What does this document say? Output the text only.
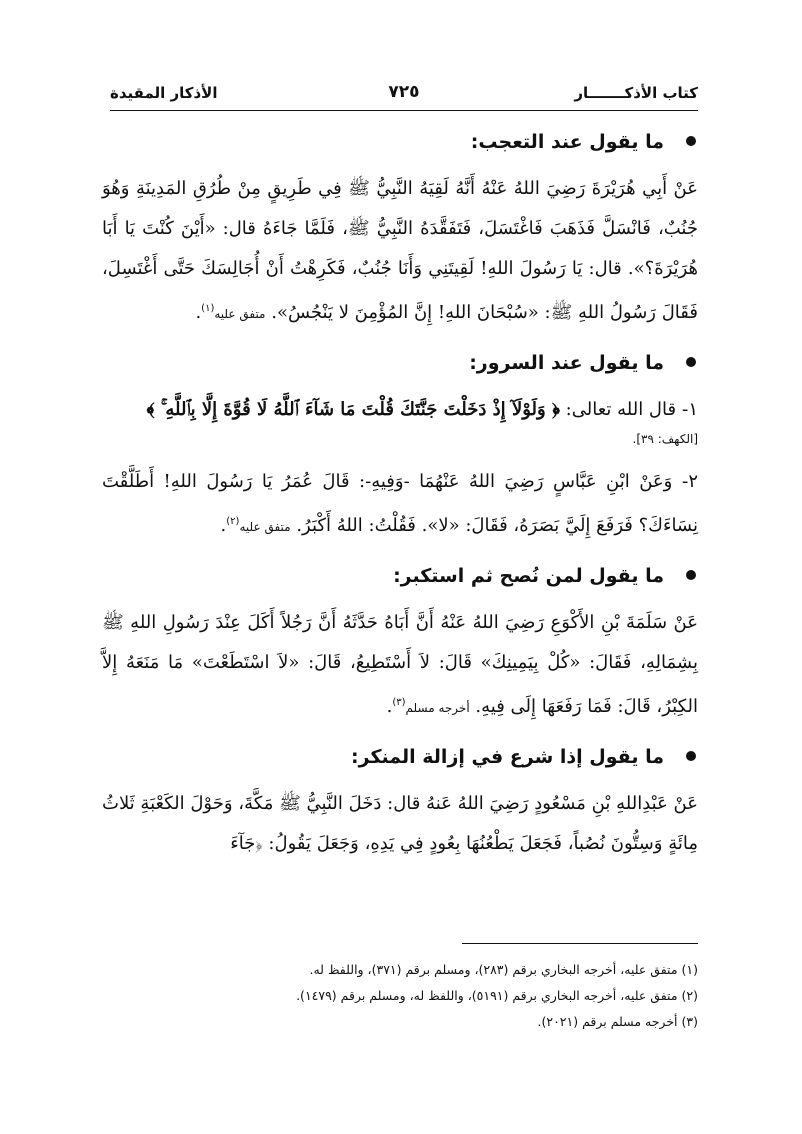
كتاب الأذكـــــــار
٧٢٥
الأذكار المقيدة
ما يقول عند التعجب:

عَنْ أَبِي هُرَيْرَةَ رَضِيَ اللهُ عَنْهُ أَنَّهُ لَقِيَهُ النَّبِيُّ ﷺ فِي طَرِيقٍ مِنْ طُرُقِ المَدِينَةِ وَهُوَ جُنُبٌ، فَانْسَلَّ فَذَهَبَ فَاغْتَسَلَ، فَتَفَقَّدَهُ النَّبِيُّ ﷺ، فَلَمَّا جَاءَهُ قال: «أَيْنَ كُنْتَ يَا أَبَا هُرَيْرَةَ؟». قال: يَا رَسُولَ اللهِ! لَقِيتَنِي وَأَنَا جُنُبٌ، فَكَرِهْتُ أَنْ أُجَالِسَكَ حَتَّى أَغْتَسِلَ، فَقَالَ رَسُولُ اللهِ ﷺ: «سُبْحَانَ اللهِ! إِنَّ المُؤْمِنَ لا يَنْجُسُ». متفق عليه$^{(١)}$.

ما يقول عند السرور:

١- قال الله تعالى: ﴿ وَلَوْلَآ إِذْ دَخَلْتَ جَنَّتَكَ قُلْتَ مَا شَآءَ ٱللَّهُ لَا قُوَّةَ إِلَّا بِٱللَّهِ ۚ ﴾

[الكهف: ٣٩].

٢- وَعَنْ ابْنِ عَبَّاسٍ رَضِيَ اللهُ عَنْهُمَا -وَفِيهِ-: قَالَ عُمَرُ يَا رَسُولَ اللهِ! أَطَلَّقْتَ نِسَاءَكَ؟ فَرَفَعَ إِلَيَّ بَصَرَهُ، فَقَالَ: «لا». فَقُلْتُ: اللهُ أَكْبَرُ. متفق عليه$^{(٢)}$.

ما يقول لمن نُصح ثم استكبر:

عَنْ سَلَمَةَ بْنِ الأَكْوَعِ رَضِيَ اللهُ عَنْهُ أَنَّ أَبَاهُ حَدَّثَهُ أَنَّ رَجُلاً أَكَلَ عِنْدَ رَسُولِ اللهِ ﷺ بِشِمَالِهِ، فَقَالَ: «كُلْ بِيَمِينِكَ» قَالَ: لاَ أَسْتَطِيعُ، قَالَ: «لاَ اسْتَطَعْتَ» مَا مَنَعَهُ إِلاَّ الكِبْرُ، قَالَ: فَمَا رَفَعَهَا إِلَى فِيهِ. أخرجه مسلم$^{(٣)}$.

ما يقول إذا شرع في إزالة المنكر:

عَنْ عَبْدِاللهِ بْنِ مَسْعُودٍ رَضِيَ اللهُ عَنهُ قال: دَخَلَ النَّبِيُّ ﷺ مَكَّةَ، وَحَوْلَ الكَعْبَةِ ثَلاثُ مِائَةٍ وَسِتُّونَ نُصُباً، فَجَعَلَ يَطْعُنُهَا بِعُودٍ فِي يَدِهِ، وَجَعَلَ يَقُولُ: ﴿جَآءَ

(١) متفق عليه، أخرجه البخاري برقم (٢٨٣)، ومسلم برقم (٣٧١)، واللفظ له.
(٢) متفق عليه، أخرجه البخاري برقم (٥١٩١)، واللفظ له، ومسلم برقم (١٤٧٩).
(٣) أخرجه مسلم برقم (٢٠٢١).
